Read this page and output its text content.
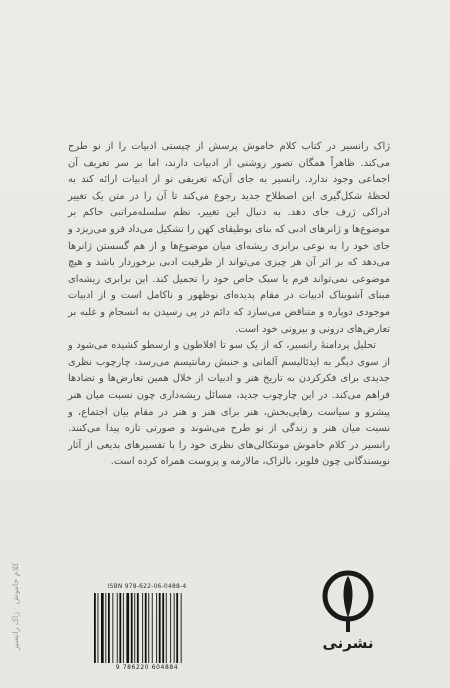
کلام خاموش · ژاک رانسیر

ژاک رانسیر در کتاب کلام خاموش پرسش از چیستی ادبیات را از نو طرح می‌کند. ظاهراً همگان تصور روشنی از ادبیات دارند، اما بر سر تعریف آن اجماعی وجود ندارد. رانسیر به جای آن‌که تعریفی نو از ادبیات ارائه کند به لحظهٔ شکل‌گیری این اصطلاح جدید رجوع می‌کند تا آن را در متن یک تغییر ادراکی ژرف جای دهد. به دنبال این تغییر، نظم سلسله‌مراتبی حاکم بر موضوع‌ها و ژانرهای ادبی که بنای بوطیقای کهن را تشکیل می‌داد فرو می‌ریزد و جای خود را به نوعی برابری ریشه‌ای میان موضوع‌ها و از هم گسستن ژانرها می‌دهد که بر اثر آن هر چیزی می‌تواند از ظرفیت ادبی برخوردار باشد و هیچ موضوعی نمی‌تواند فرم یا سبک خاص خود را تحمیل کند. این برابری ریشه‌ای مبنای آشوبناک ادبیات در مقام پدیده‌ای نوظهور و ناکامل است و از ادبیات موجودی دوپاره و متناقض می‌سازد که دائم در پی رسیدن به انسجام و غلبه بر تعارض‌های درونی و بیرونی خود است.

تحلیل پردامنهٔ رانسیر، که از یک سو تا افلاطون و ارسطو کشیده می‌شود و از سوی دیگر به ایدئالیسم آلمانی و جنبش رمانتیسم می‌رسد، چارچوب نظری جدیدی برای فکرکردن به تاریخ هنر و ادبیات از خلال همین تعارض‌ها و تضادها فراهم می‌کند. در این چارچوب جدید، مسائل ریشه‌داری چون نسبت میان هنر پیشرو و سیاست رهایی‌بخش، هنر برای هنر و هنر در مقام بیان اجتماع، و نسبت میان هنر و زندگی از نو طرح می‌شوند و صورتی تازه پیدا می‌کنند. رانسیر در کلام خاموش مونتکالی‌های نظری خود را با تفسیرهای بدیعی از آثار نویسندگانی چون فلوبر، بالزاک، مالارمه و پروست همراه کرده است.

ISBN 978-622-06-0488-4
9 786220 604884
نشرنی
